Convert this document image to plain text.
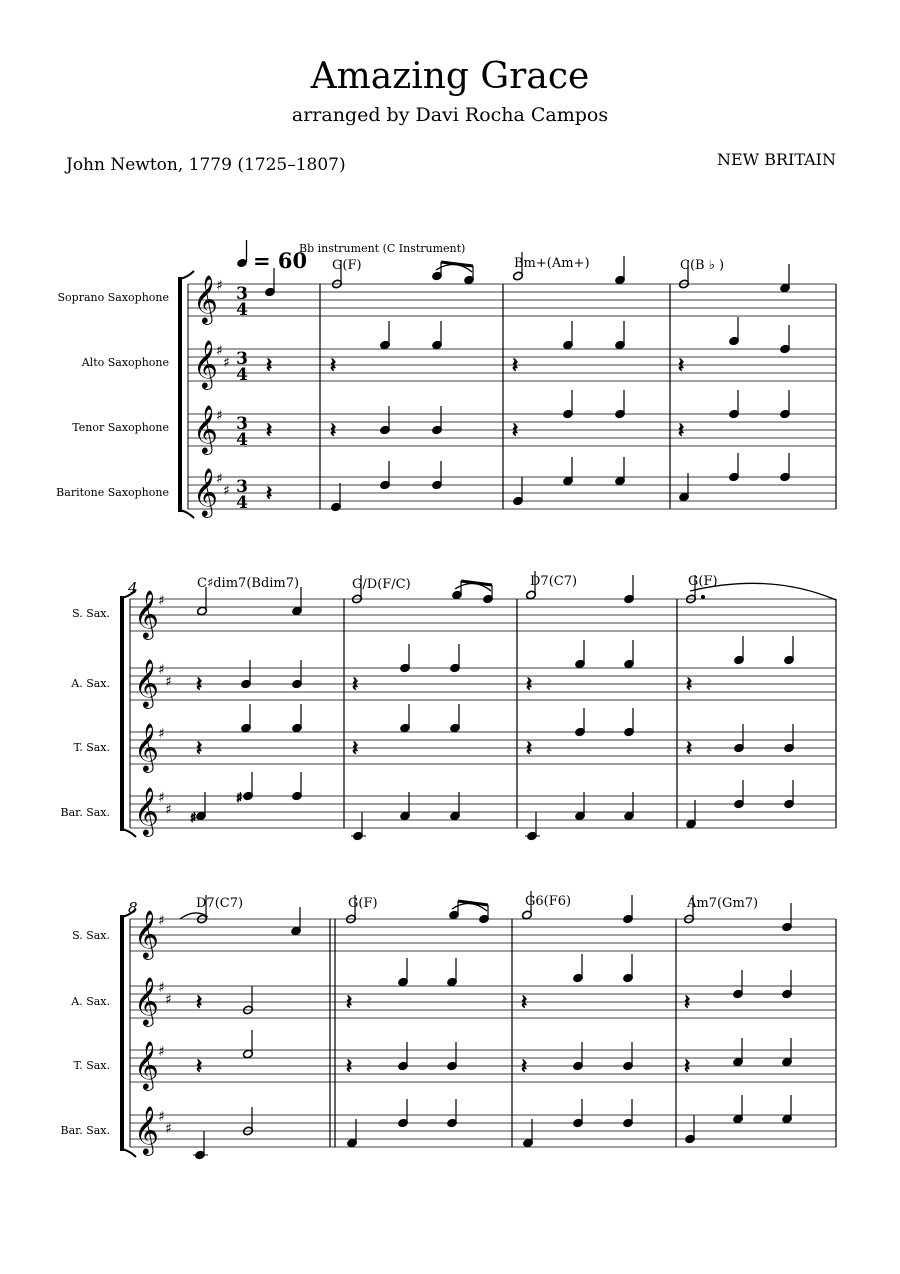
Amazing Grace
arranged by Davi Rocha Campos
John Newton, 1779 (1725–1807)	NEW BRITAIN
= 60
Bb instrument (C Instrument)
Soprano Saxophone
Alto Saxophone
Tenor Saxophone
Baritone Saxophone
𝄞
𝄞
𝄞
𝄞
♯
♯
♯
♯
♯
♯
3
4
3
4
3
4
3
4
G(F)	Bm+(Am+)	C(B ♭ )
𝄽	𝄽	𝄽	𝄽
𝄽	𝄽	𝄽	𝄽
𝄽
S. Sax.
A. Sax.
T. Sax.
Bar. Sax.
4
𝄞
𝄞
𝄞
𝄞
♯
♯
♯
♯
♯
♯
C♯dim7(Bdim7)	G/D(F/C)	D7(C7)	G(F)
𝄽	𝄽	𝄽	𝄽
𝄽	𝄽	𝄽	𝄽
♯
♯
S. Sax.
A. Sax.
T. Sax.
Bar. Sax.
8
𝄞
𝄞
𝄞
𝄞
♯
♯
♯
♯
♯
♯
D7(C7)	G(F)	G6(F6)	Am7(Gm7)
𝄽	𝄽	𝄽	𝄽
𝄽	𝄽	𝄽	𝄽
